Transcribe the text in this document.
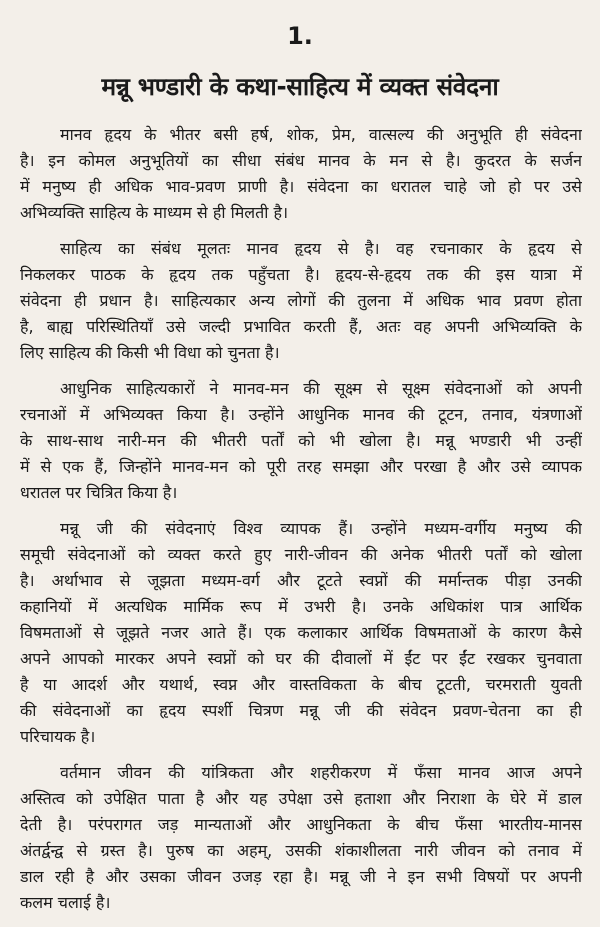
1.
मन्नू भण्डारी के कथा-साहित्य में व्यक्त संवेदना
मानव हृदय के भीतर बसी हर्ष, शोक, प्रेम, वात्सल्य की अनुभूति ही संवेदना
है। इन कोमल अनुभूतियों का सीधा संबंध मानव के मन से है। कुदरत के सर्जन
में मनुष्य ही अधिक भाव-प्रवण प्राणी है। संवेदना का धरातल चाहे जो हो पर उसे
अभिव्यक्ति साहित्य के माध्यम से ही मिलती है।
साहित्य का संबंध मूलतः मानव हृदय से है। वह रचनाकार के हृदय से
निकलकर पाठक के हृदय तक पहुँचता है। हृदय-से-हृदय तक की इस यात्रा में
संवेदना ही प्रधान है। साहित्यकार अन्य लोगों की तुलना में अधिक भाव प्रवण होता
है, बाह्य परिस्थितियाँ उसे जल्दी प्रभावित करती हैं, अतः वह अपनी अभिव्यक्ति के
लिए साहित्य की किसी भी विधा को चुनता है।
आधुनिक साहित्यकारों ने मानव-मन की सूक्ष्म से सूक्ष्म संवेदनाओं को अपनी
रचनाओं में अभिव्यक्त किया है। उन्होंने आधुनिक मानव की टूटन, तनाव, यंत्रणाओं
के साथ-साथ नारी-मन की भीतरी पर्तों को भी खोला है। मन्नू भण्डारी भी उन्हीं
में से एक हैं, जिन्होंने मानव-मन को पूरी तरह समझा और परखा है और उसे व्यापक
धरातल पर चित्रित किया है।
मन्नू जी की संवेदनाएं विश्व व्यापक हैं। उन्होंने मध्यम-वर्गीय मनुष्य की
समूची संवेदनाओं को व्यक्त करते हुए नारी-जीवन की अनेक भीतरी पर्तों को खोला
है। अर्थाभाव से जूझता मध्यम-वर्ग और टूटते स्वप्नों की मर्मान्तक पीड़ा उनकी
कहानियों में अत्यधिक मार्मिक रूप में उभरी है। उनके अधिकांश पात्र आर्थिक
विषमताओं से जूझते नजर आते हैं। एक कलाकार आर्थिक विषमताओं के कारण कैसे
अपने आपको मारकर अपने स्वप्नों को घर की दीवालों में ईंट पर ईंट रखकर चुनवाता
है या आदर्श और यथार्थ, स्वप्न और वास्तविकता के बीच टूटती, चरमराती युवती
की संवेदनाओं का हृदय स्पर्शी चित्रण मन्नू जी की संवेदन प्रवण-चेतना का ही
परिचायक है।
वर्तमान जीवन की यांत्रिकता और शहरीकरण में फँसा मानव आज अपने
अस्तित्व को उपेक्षित पाता है और यह उपेक्षा उसे हताशा और निराशा के घेरे में डाल
देती है। परंपरागत जड़ मान्यताओं और आधुनिकता के बीच फँसा भारतीय-मानस
अंतर्द्वन्द्व से ग्रस्त है। पुरुष का अहम्, उसकी शंकाशीलता नारी जीवन को तनाव में
डाल रही है और उसका जीवन उजड़ रहा है। मन्नू जी ने इन सभी विषयों पर अपनी
कलम चलाई है।
